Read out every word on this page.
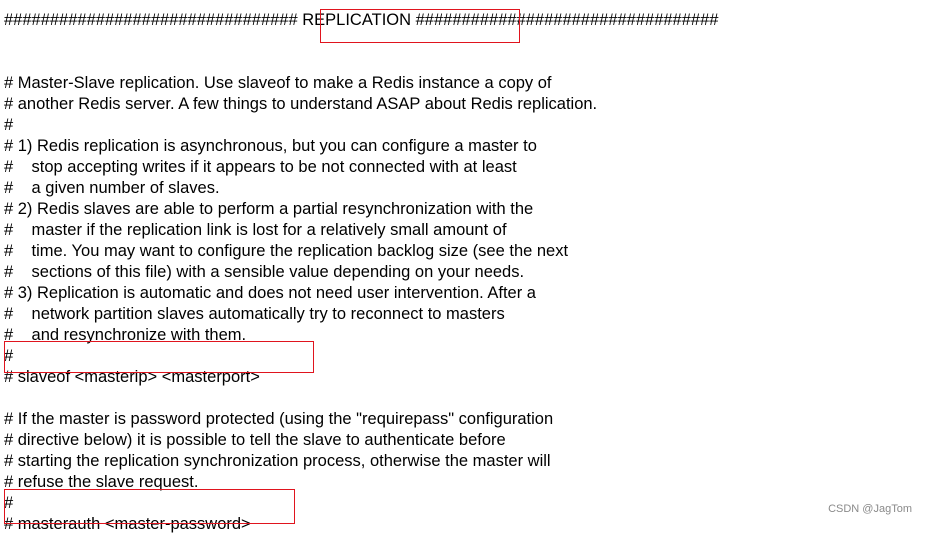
################################ REPLICATION #################################
# Master-Slave replication. Use slaveof to make a Redis instance a copy of
# another Redis server. A few things to understand ASAP about Redis replication.
#
# 1) Redis replication is asynchronous, but you can configure a master to
#    stop accepting writes if it appears to be not connected with at least
#    a given number of slaves.
# 2) Redis slaves are able to perform a partial resynchronization with the
#    master if the replication link is lost for a relatively small amount of
#    time. You may want to configure the replication backlog size (see the next
#    sections of this file) with a sensible value depending on your needs.
# 3) Replication is automatic and does not need user intervention. After a
#    network partition slaves automatically try to reconnect to masters
#    and resynchronize with them.
#
# slaveof <masterip> <masterport>
# If the master is password protected (using the "requirepass" configuration
# directive below) it is possible to tell the slave to authenticate before
# starting the replication synchronization process, otherwise the master will
# refuse the slave request.
#
# masterauth <master-password>
CSDN @JagTom
